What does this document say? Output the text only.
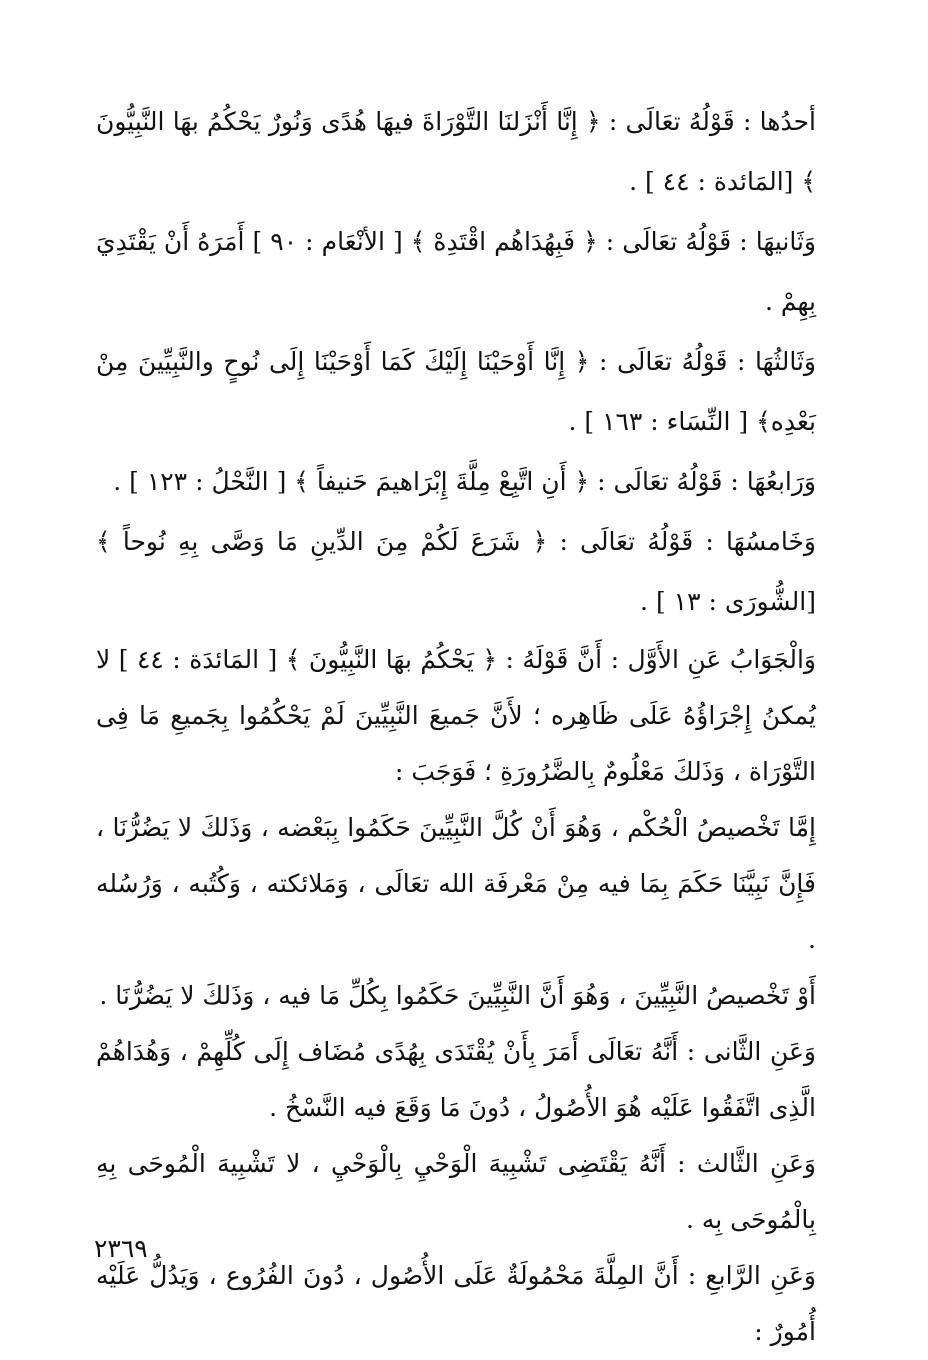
أحدُها : قَوْلُهُ تعَالَى : ﴿ إِنَّا أَنْزَلنَا التَّوْرَاةَ فيهَا هُدًى وَنُورٌ يَحْكُمُ بهَا النَّبِيُّونَ ﴾ [المَائدة : ٤٤ ] .

وَثَانيهَا : قَوْلُهُ تعَالَى : ﴿ فَبِهُدَاهُم اقْتَدِهْ ﴾ [ الأنْعَام : ٩٠ ] أَمَرَهُ أَنْ يَقْتَدِيَ بِهِمْ .

وَثَالثُهَا : قَوْلُهُ تعَالَى : ﴿ إِنَّا أَوْحَيْنَا إِلَيْكَ كَمَا أَوْحَيْنَا إِلَى نُوحٍ والنَّبِيِّينَ مِنْ بَعْدِه﴾ [ النِّسَاء : ١٦٣ ] .

وَرَابعُهَا : قَوْلُهُ تعَالَى : ﴿ أَنِ اتَّبِعْ مِلَّةَ إِبْرَاهيمَ حَنيفاً ﴾ [ النَّحْلُ : ١٢٣ ] .

وَخَامسُهَا : قَوْلُهُ تعَالَى : ﴿ شَرَعَ لَكُمْ مِنَ الدِّينِ مَا وَصَّى بِهِ نُوحاً ﴾ [الشُّورَى : ١٣ ] .

وَالْجَوَابُ عَنِ الأَوَّل : أَنَّ قَوْلَهُ : ﴿ يَحْكُمُ بهَا النَّبِيُّونَ ﴾ [ المَائدَة : ٤٤ ] لا يُمكنُ إِجْرَاؤُهُ عَلَى ظَاهِره ؛ لأَنَّ جَميعَ النَّبِيِّينَ لَمْ يَحْكُمُوا بِجَميعِ مَا فِى التَّوْرَاة ، وَذَلكَ مَعْلُومٌ بِالضَّرُورَةِ ؛ فَوَجَبَ :

إِمَّا تَخْصيصُ الْحُكْم ، وَهُوَ أَنْ كُلَّ النَّبِيِّينَ حَكَمُوا بِبَعْضه ، وَذَلكَ لا يَضُرُّنَا ، فَإِنَّ نَبِيَّنَا حَكَمَ بِمَا فيه مِنْ مَعْرفَة الله تعَالَى ، وَمَلائكته ، وَكُتُبه ، وَرُسُله .

أَوْ تَخْصيصُ النَّبِيِّينَ ، وَهُوَ أَنَّ النَّبِيِّينَ حَكَمُوا بِكُلِّ مَا فيه ، وَذَلكَ لا يَضُرُّنَا .

وَعَنِ الثَّانى : أَنَّهُ تعَالَى أَمَرَ بِأَنْ يُقْتَدَى بِهُدًى مُضَاف إِلَى كُلِّهِمْ ، وَهُدَاهُمْ الَّذِى اتَّفَقُوا عَلَيْه هُوَ الأُصُولُ ، دُونَ مَا وَقَعَ فيه النَّسْخُ .

وَعَنِ الثَّالث : أَنَّهُ يَقْتَضِى تَشْبِيهَ الْوَحْيِ بِالْوَحْيِ ، لا تَشْبِيهَ الْمُوحَى بِهِ بِالْمُوحَى بِه .

وَعَنِ الرَّابعِ : أَنَّ المِلَّةَ مَحْمُولَةٌ عَلَى الأُصُول ، دُونَ الفُرُوع ، وَيَدُلُّ عَلَيْه أُمُورٌ :

٢٣٦٩
